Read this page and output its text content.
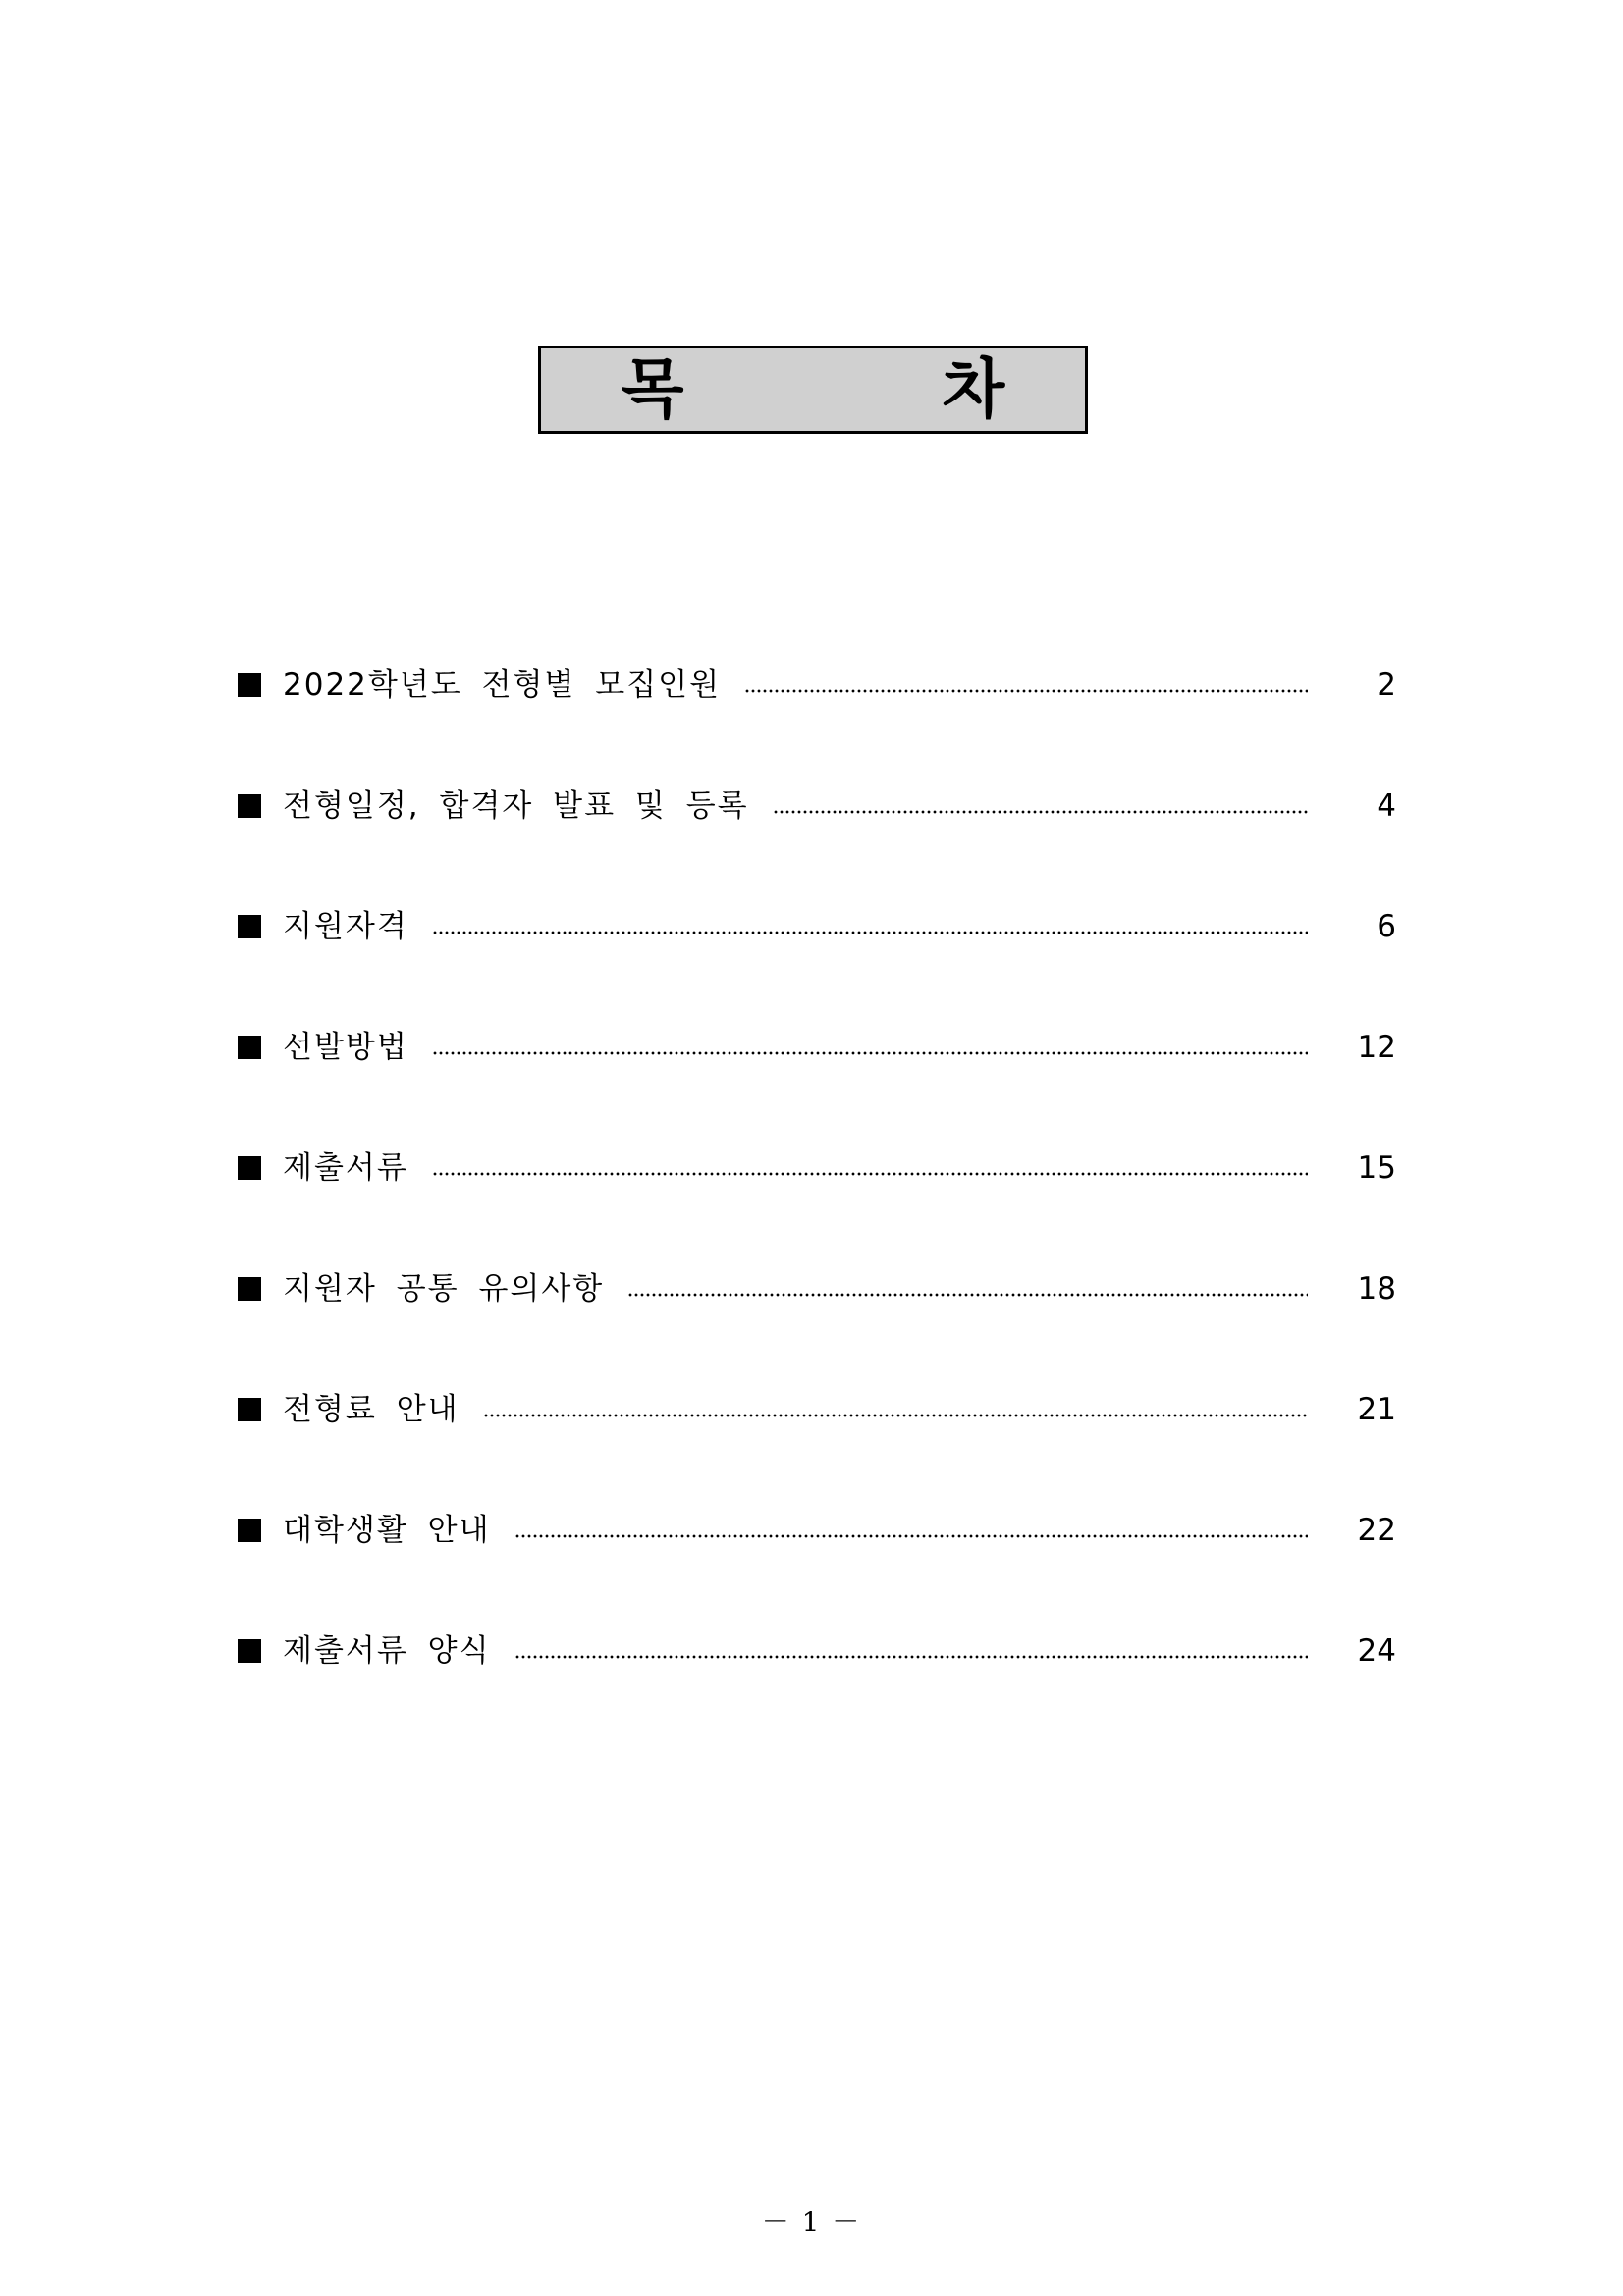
목 차
2022학년도 전형별 모집인원	2
전형일정, 합격자 발표 및 등록	4
지원자격	6
선발방법	12
제출서류	15
지원자 공통 유의사항	18
전형료 안내	21
대학생활 안내	22
제출서류 양식	24
－ 1 －
